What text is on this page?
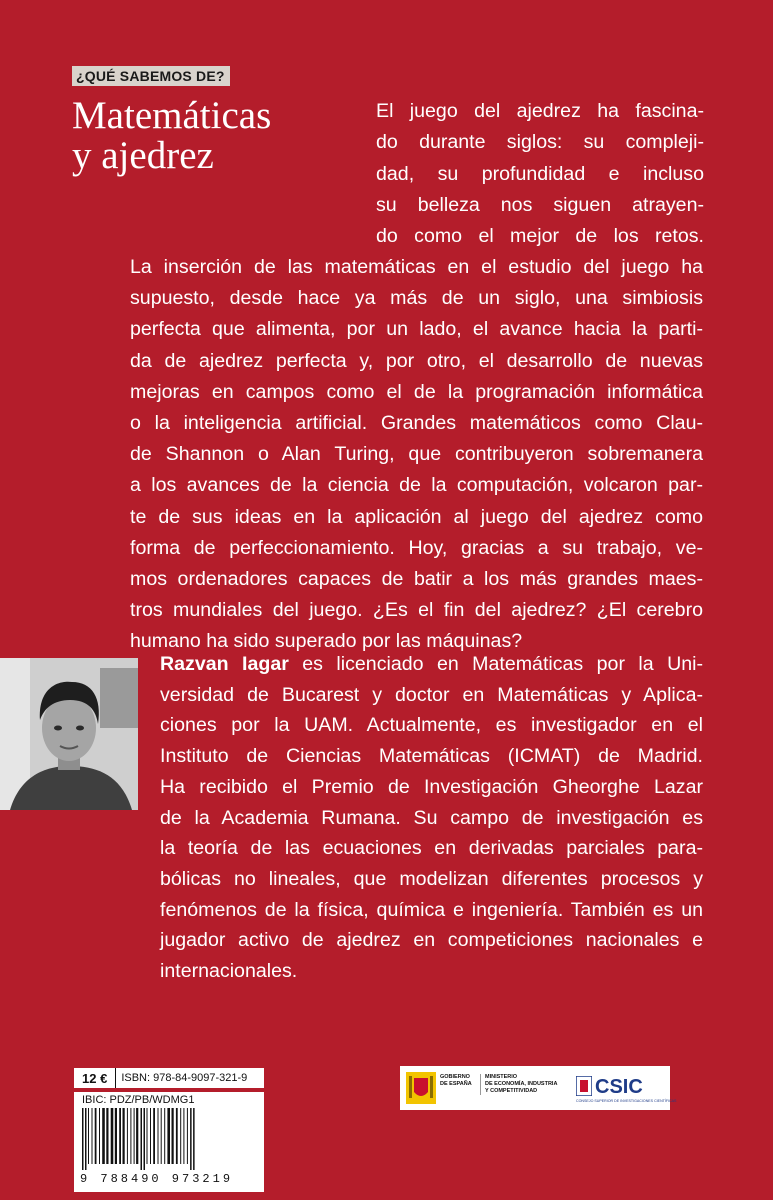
¿QUÉ SABEMOS DE?
Matemáticas
y ajedrez
El juego del ajedrez ha fascina-
do durante siglos: su compleji-
dad, su profundidad e incluso
su belleza nos siguen atrayen-
do como el mejor de los retos.
La inserción de las matemáticas en el estudio del juego ha
supuesto, desde hace ya más de un siglo, una simbiosis
perfecta que alimenta, por un lado, el avance hacia la parti-
da de ajedrez perfecta y, por otro, el desarrollo de nuevas
mejoras en campos como el de la programación informática
o la inteligencia artificial. Grandes matemáticos como Clau-
de Shannon o Alan Turing, que contribuyeron sobremanera
a los avances de la ciencia de la computación, volcaron par-
te de sus ideas en la aplicación al juego del ajedrez como
forma de perfeccionamiento. Hoy, gracias a su trabajo, ve-
mos ordenadores capaces de batir a los más grandes maes-
tros mundiales del juego. ¿Es el fin del ajedrez? ¿El cerebro
humano ha sido superado por las máquinas?
Razvan Iagar es licenciado en Matemáticas por la Uni-
versidad de Bucarest y doctor en Matemáticas y Aplica-
ciones por la UAM. Actualmente, es investigador en el
Instituto de Ciencias Matemáticas (ICMAT) de Madrid.
Ha recibido el Premio de Investigación Gheorghe Lazar
de la Academia Rumana. Su campo de investigación es
la teoría de las ecuaciones en derivadas parciales para-
bólicas no lineales, que modelizan diferentes procesos y
fenómenos de la física, química e ingeniería. También es un
jugador activo de ajedrez en competiciones nacionales e
internacionales.
12 €	ISBN: 978-84-9097-321-9
IBIC: PDZ/PB/WDMG1
9 788490 973219
GOBIERNO
DE ESPAÑA
MINISTERIO
DE ECONOMÍA, INDUSTRIA
Y COMPETITIVIDAD	CSIC
CONSEJO SUPERIOR DE INVESTIGACIONES CIENTÍFICAS
